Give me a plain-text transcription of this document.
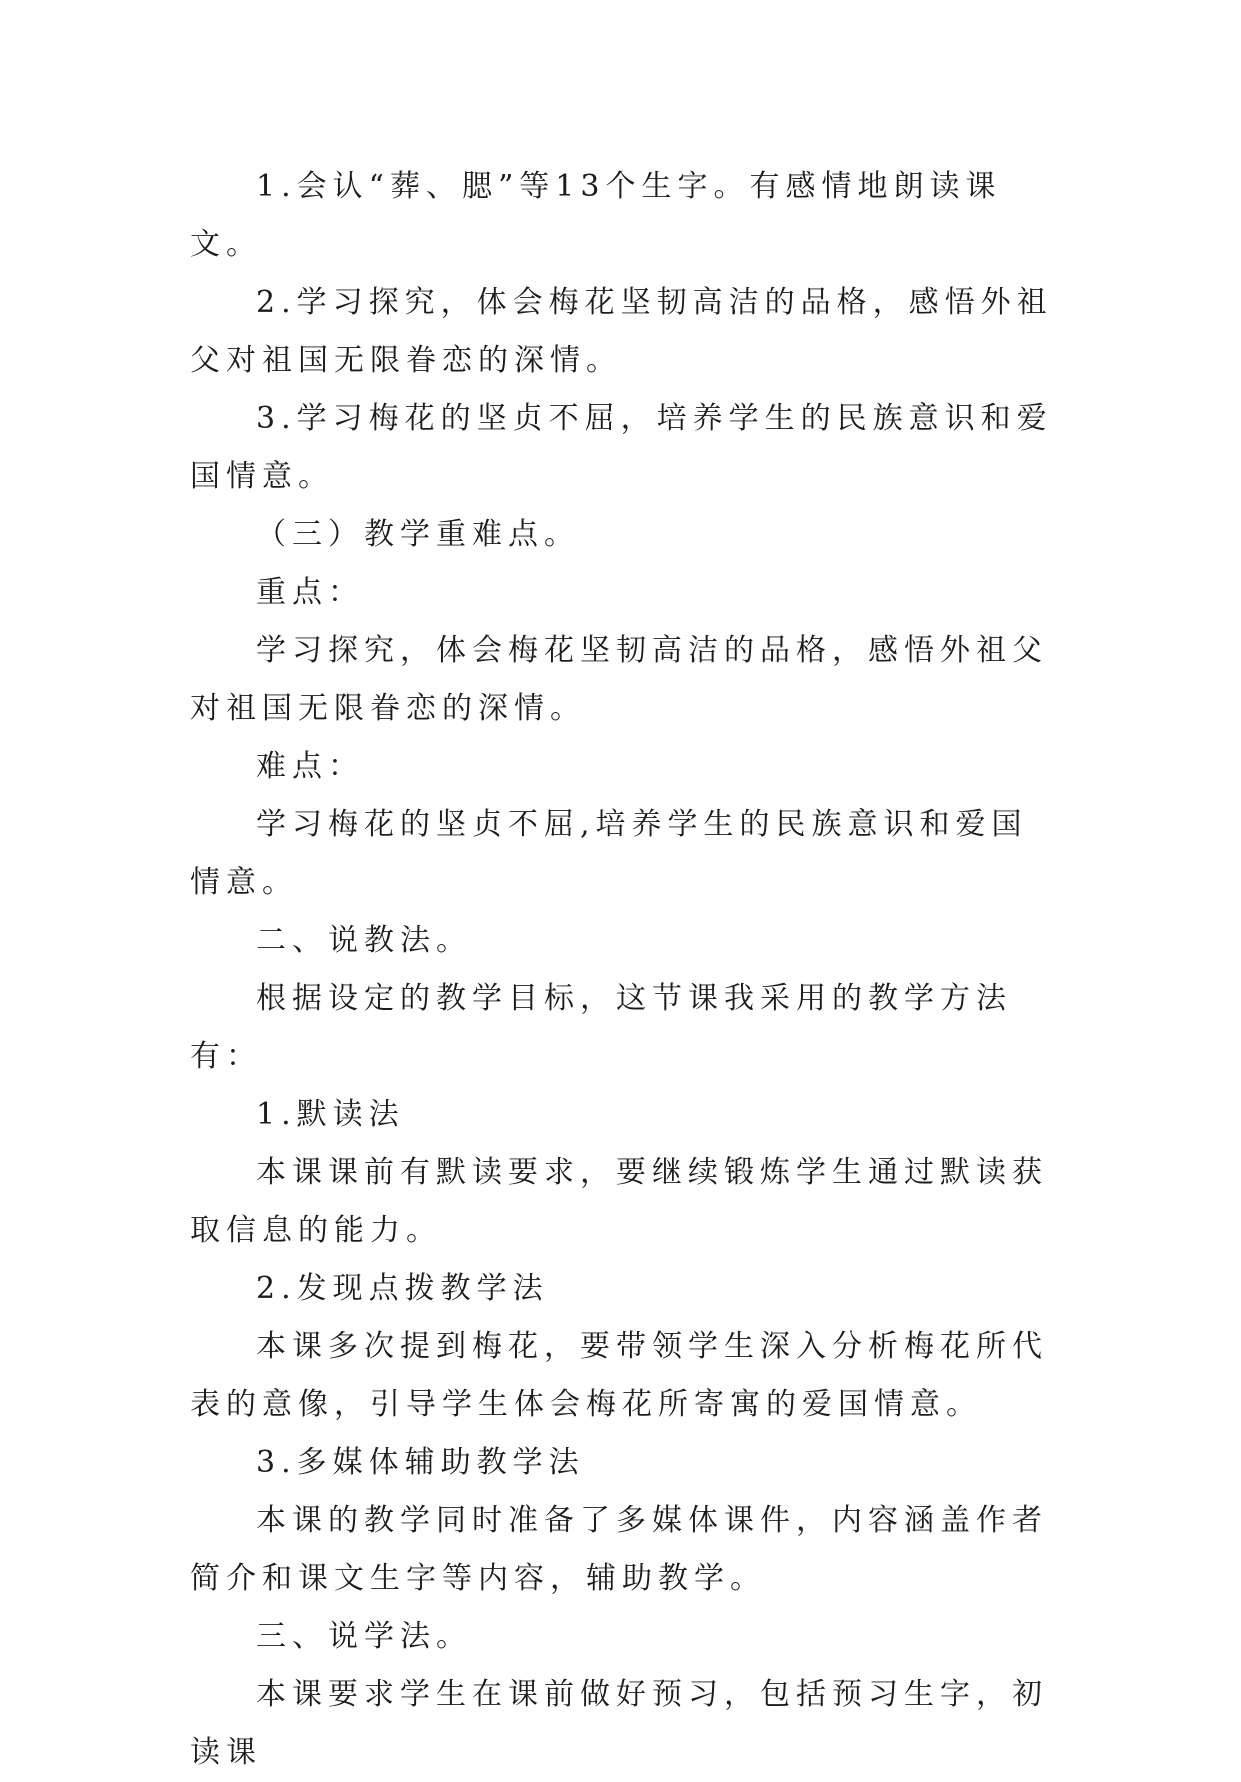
1.会认“葬、腮”等13个生字。有感情地朗读课文。

2.学习探究，体会梅花坚韧高洁的品格，感悟外祖父对祖国无限眷恋的深情。

3.学习梅花的坚贞不屈，培养学生的民族意识和爱国情意。

（三）教学重难点。

重点：

学习探究，体会梅花坚韧高洁的品格，感悟外祖父对祖国无限眷恋的深情。

难点：

学习梅花的坚贞不屈,培养学生的民族意识和爱国情意。

二、说教法。

根据设定的教学目标，这节课我采用的教学方法有：

1.默读法

本课课前有默读要求，要继续锻炼学生通过默读获取信息的能力。

2.发现点拨教学法

本课多次提到梅花，要带领学生深入分析梅花所代表的意像，引导学生体会梅花所寄寓的爱国情意。

3.多媒体辅助教学法

本课的教学同时准备了多媒体课件，内容涵盖作者简介和课文生字等内容，辅助教学。

三、说学法。

本课要求学生在课前做好预习，包括预习生字，初读课
